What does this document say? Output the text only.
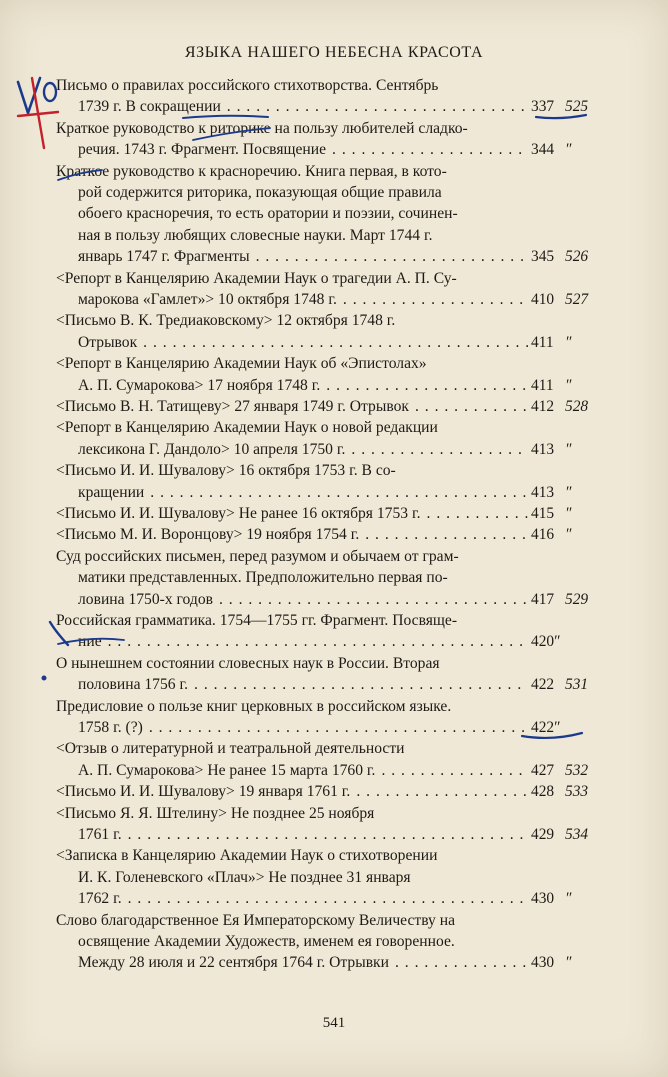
ЯЗЫКА НАШЕГО НЕБЕСНА КРАСОТА
Письмо о правилах российского стихотворства. Сентябрь
1739 г. В сокращении . . .	337 525
Краткое руководство к риторике на пользу любителей сладко-
речия. 1743 г. Фрагмент. Посвящение . . .	344 ″
Краткое руководство к красноречию. Книга первая, в кото-
рой содержится риторика, показующая общие правила
обоего красноречия, то есть оратории и поэзии, сочинен-
ная в пользу любящих словесные науки. Март 1744 г.
январь 1747 г. Фрагменты . . .	345 526
<Репорт в Канцелярию Академии Наук о трагедии А. П. Су-
марокова «Гамлет»> 10 октября 1748 г. . . .	410 527
<Письмо В. К. Тредиаковскому> 12 октября 1748 г.
Отрывок . . .	411 ″
<Репорт в Канцелярию Академии Наук об «Эпистолах»
А. П. Сумарокова> 17 ноября 1748 г. . . .	411 ″
<Письмо В. Н. Татищеву> 27 января 1749 г. Отрывок . . .	412 528
<Репорт в Канцелярию Академии Наук о новой редакции
лексикона Г. Дандоло> 10 апреля 1750 г. . . .	413 ″
<Письмо И. И. Шувалову> 16 октября 1753 г. В со-
кращении . . .	413 ″
<Письмо И. И. Шувалову> Не ранее 16 октября 1753 г. . . .	415 ″
<Письмо М. И. Воронцову> 19 ноября 1754 г. . . .	416 ″
Суд российских письмен, перед разумом и обычаем от грам-
матики представленных. Предположительно первая по-
ловина 1750-х годов . . .	417 529
Российская грамматика. 1754—1755 гг. Фрагмент. Посвяще-
ние . . .	420″
О нынешнем состоянии словесных наук в России. Вторая
половина 1756 г. . . .	422 531
Предисловие о пользе книг церковных в российском языке.
1758 г. (?) . . .	422″
<Отзыв о литературной и театральной деятельности
А. П. Сумарокова> Не ранее 15 марта 1760 г. . . .	427 532
<Письмо И. И. Шувалову> 19 января 1761 г. . . .	428 533
<Письмо Я. Я. Штелину> Не позднее 25 ноября
1761 г. . . .	429 534
<Записка в Канцелярию Академии Наук о стихотворении
И. К. Голеневского «Плач»> Не позднее 31 января
1762 г. . . .	430 ″
Слово благодарственное Ея Императорскому Величеству на
освящение Академии Художеств, именем ея говоренное.
Между 28 июля и 22 сентября 1764 г. Отрывки . . .	430 ″
541
